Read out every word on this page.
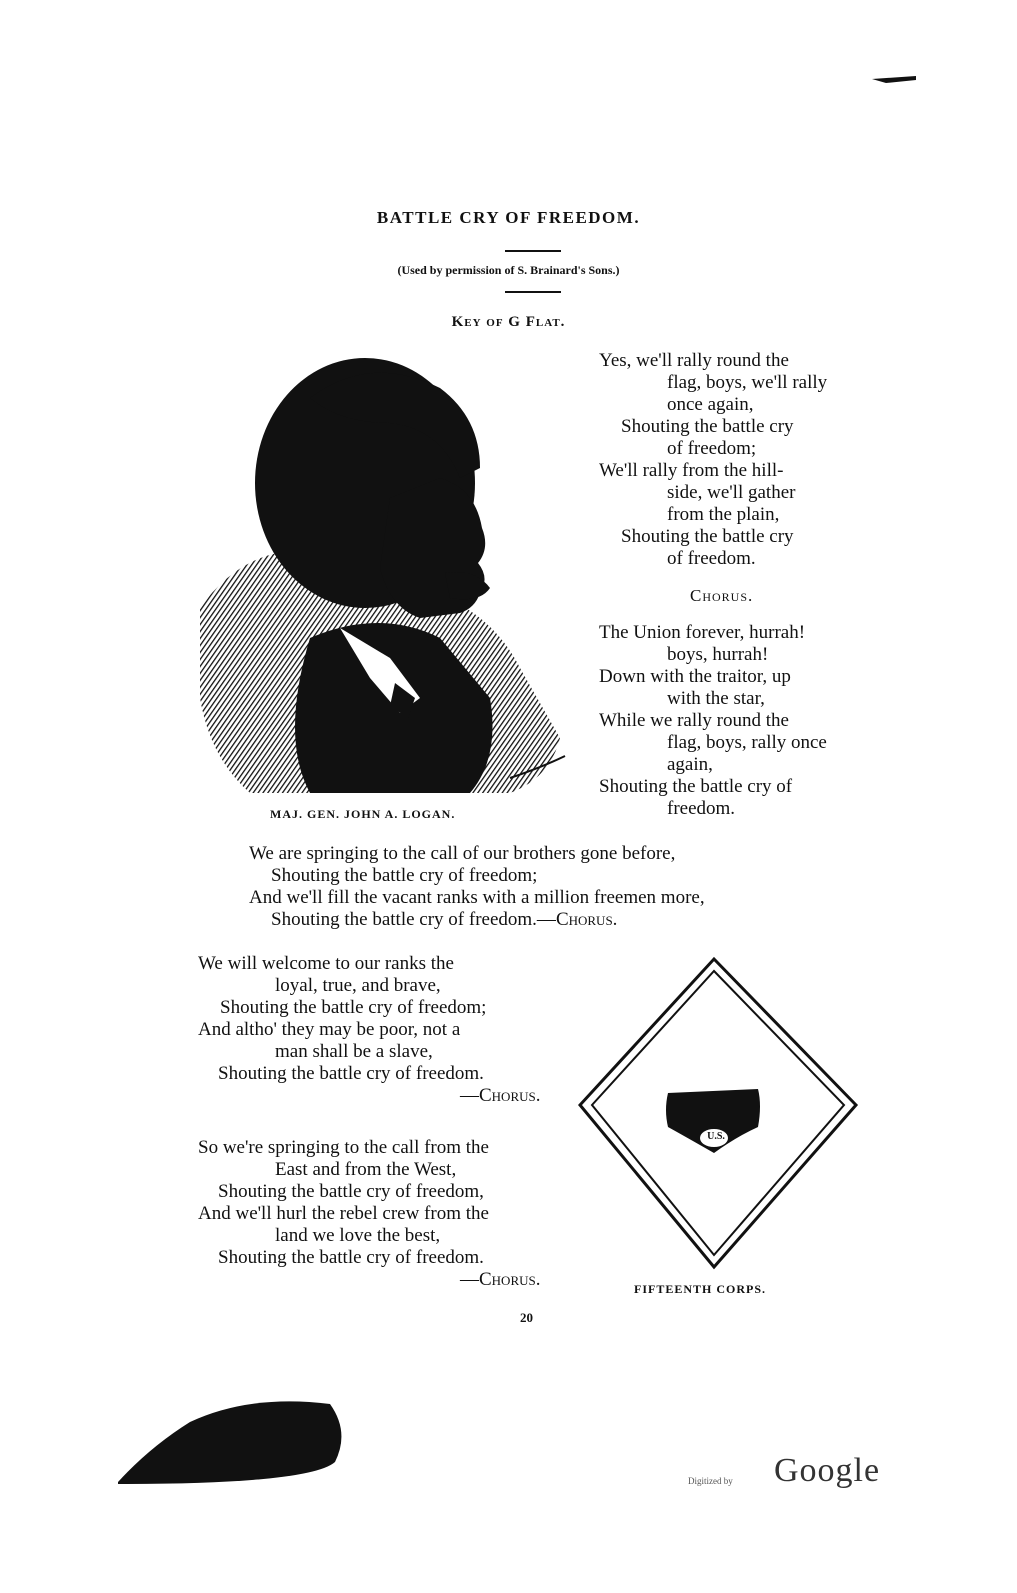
BATTLE CRY OF FREEDOM.
(Used by permission of S. Brainard's Sons.)
Key of G Flat.
MAJ. GEN. JOHN A. LOGAN.
Yes, we'll rally round the
flag, boys, we'll rally
once again,
Shouting the battle cry
of freedom;
We'll rally from the hill-
side, we'll gather
from the plain,
Shouting the battle cry
of freedom.
Chorus.
The Union forever, hurrah!
boys, hurrah!
Down with the traitor, up
with the star,
While we rally round the
flag, boys, rally once
again,
Shouting the battle cry of
freedom.
We are springing to the call of our brothers gone before,
Shouting the battle cry of freedom;
And we'll fill the vacant ranks with a million freemen more,
Shouting the battle cry of freedom.—Chorus.
We will welcome to our ranks the
loyal, true, and brave,
Shouting the battle cry of freedom;
And altho' they may be poor, not a
man shall be a slave,
Shouting the battle cry of freedom.
—Chorus.
So we're springing to the call from the
East and from the West,
Shouting the battle cry of freedom,
And we'll hurl the rebel crew from the
land we love the best,
Shouting the battle cry of freedom.
—Chorus.
U.S.
FIFTEENTH CORPS.
20
Digitized by Google
